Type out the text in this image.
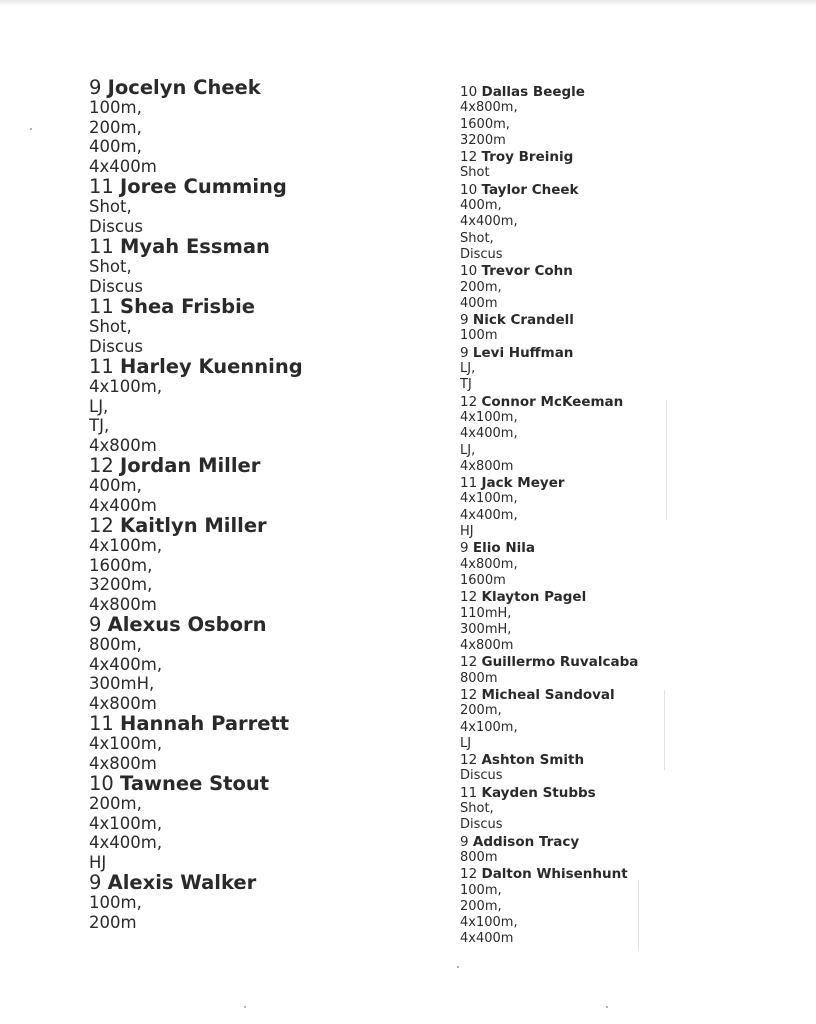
9 Jocelyn Cheek
100m,
200m,
400m,
4x400m
11 Joree Cumming
Shot,
Discus
11 Myah Essman
Shot,
Discus
11 Shea Frisbie
Shot,
Discus
11 Harley Kuenning
4x100m,
LJ,
TJ,
4x800m
12 Jordan Miller
400m,
4x400m
12 Kaitlyn Miller
4x100m,
1600m,
3200m,
4x800m
9 Alexus Osborn
800m,
4x400m,
300mH,
4x800m
11 Hannah Parrett
4x100m,
4x800m
10 Tawnee Stout
200m,
4x100m,
4x400m,
HJ
9 Alexis Walker
100m,
200m
10 Dallas Beegle
4x800m,
1600m,
3200m
12 Troy Breinig
Shot
10 Taylor Cheek
400m,
4x400m,
Shot,
Discus
10 Trevor Cohn
200m,
400m
9 Nick Crandell
100m
9 Levi Huffman
LJ,
TJ
12 Connor McKeeman
4x100m,
4x400m,
LJ,
4x800m
11 Jack Meyer
4x100m,
4x400m,
HJ
9 Elio Nila
4x800m,
1600m
12 Klayton Pagel
110mH,
300mH,
4x800m
12 Guillermo Ruvalcaba
800m
12 Micheal Sandoval
200m,
4x100m,
LJ
12 Ashton Smith
Discus
11 Kayden Stubbs
Shot,
Discus
9 Addison Tracy
800m
12 Dalton Whisenhunt
100m,
200m,
4x100m,
4x400m
